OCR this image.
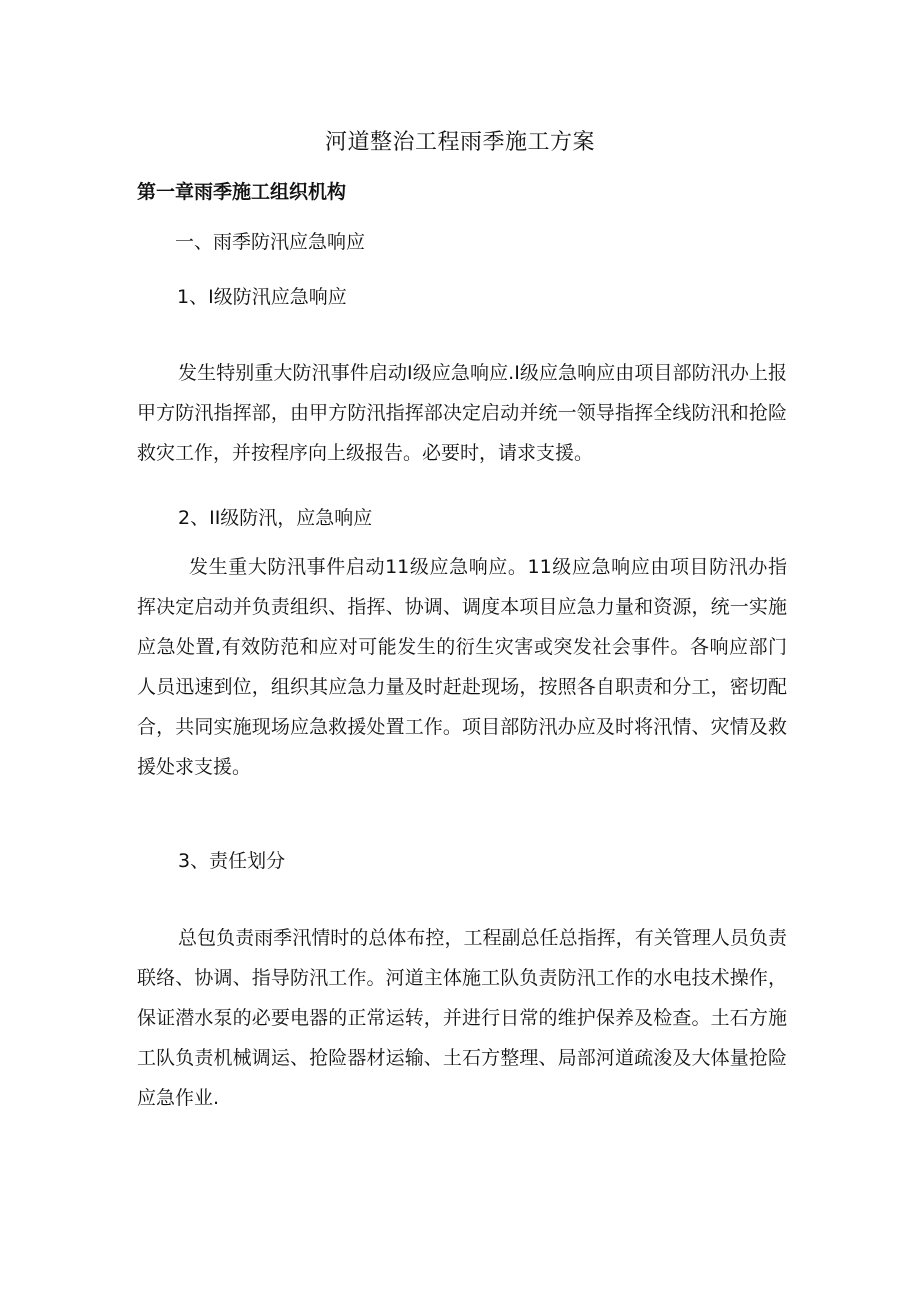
河道整治工程雨季施工方案
第一章雨季施工组织机构
一、雨季防汛应急响应
1、I级防汛应急响应

发生特别重大防汛事件启动I级应急响应.I级应急响应由项目部防汛办上报甲方防汛指挥部，由甲方防汛指挥部决定启动并统一领导指挥全线防汛和抢险救灾工作，并按程序向上级报告。必要时，请求支援。

2、II级防汛，应急响应

发生重大防汛事件启动11级应急响应。11级应急响应由项目防汛办指挥决定启动并负责组织、指挥、协调、调度本项目应急力量和资源，统一实施应急处置,有效防范和应对可能发生的衍生灾害或突发社会事件。各响应部门人员迅速到位，组织其应急力量及时赶赴现场，按照各自职责和分工，密切配合，共同实施现场应急救援处置工作。项目部防汛办应及时将汛情、灾情及救援处求支援。

3、责任划分

总包负责雨季汛情时的总体布控，工程副总任总指挥，有关管理人员负责联络、协调、指导防汛工作。河道主体施工队负责防汛工作的水电技术操作，保证潜水泵的必要电器的正常运转，并进行日常的维护保养及检查。土石方施工队负责机械调运、抢险器材运输、土石方整理、局部河道疏浚及大体量抢险应急作业.
